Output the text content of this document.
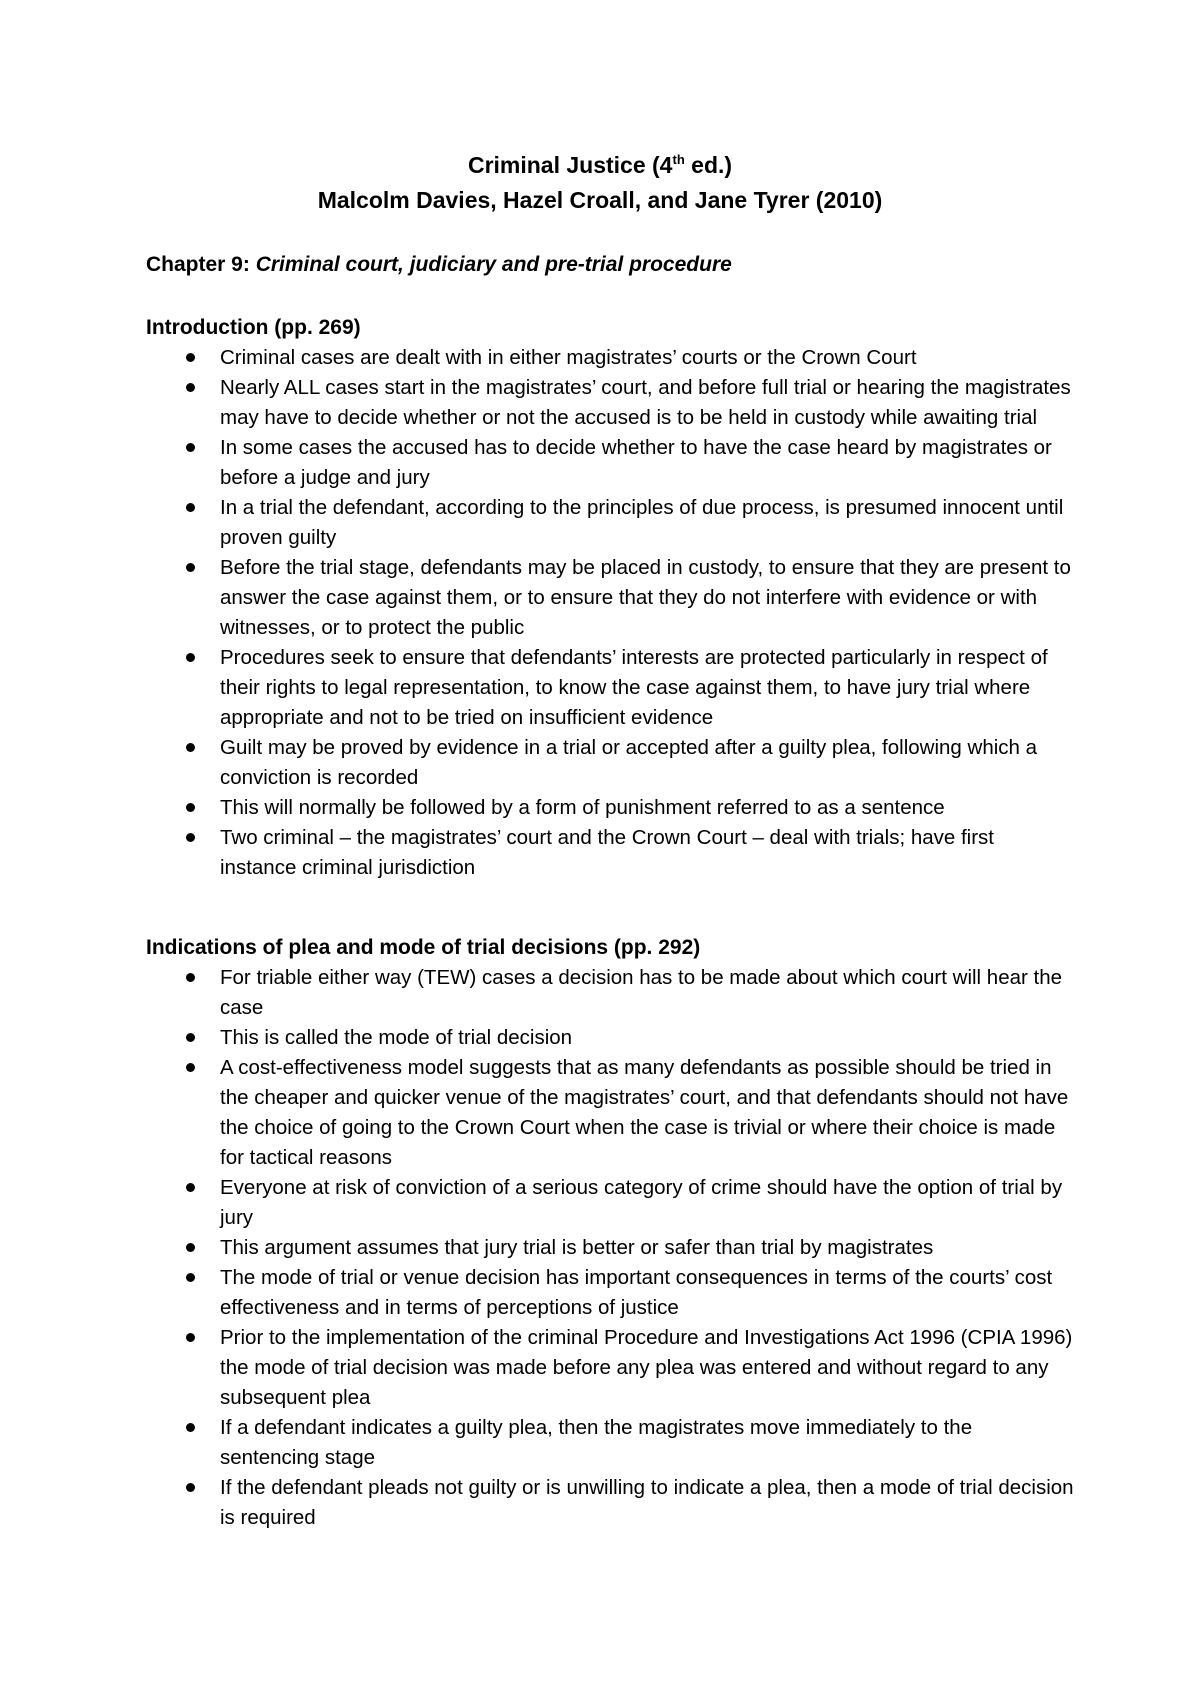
Criminal Justice (4th ed.)
Malcolm Davies, Hazel Croall, and Jane Tyrer (2010)
Chapter 9: Criminal court, judiciary and pre-trial procedure

Introduction (pp. 269)

Criminal cases are dealt with in either magistrates’ courts or the Crown Court
Nearly ALL cases start in the magistrates’ court, and before full trial or hearing the magistrates may have to decide whether or not the accused is to be held in custody while awaiting trial
In some cases the accused has to decide whether to have the case heard by magistrates or before a judge and jury
In a trial the defendant, according to the principles of due process, is presumed innocent until proven guilty
Before the trial stage, defendants may be placed in custody, to ensure that they are present to answer the case against them, or to ensure that they do not interfere with evidence or with witnesses, or to protect the public
Procedures seek to ensure that defendants’ interests are protected particularly in respect of their rights to legal representation, to know the case against them, to have jury trial where appropriate and not to be tried on insufficient evidence
Guilt may be proved by evidence in a trial or accepted after a guilty plea, following which a conviction is recorded
This will normally be followed by a form of punishment referred to as a sentence
Two criminal – the magistrates’ court and the Crown Court – deal with trials; have first instance criminal jurisdiction

Indications of plea and mode of trial decisions (pp. 292)

For triable either way (TEW) cases a decision has to be made about which court will hear the case
This is called the mode of trial decision
A cost-effectiveness model suggests that as many defendants as possible should be tried in the cheaper and quicker venue of the magistrates’ court, and that defendants should not have the choice of going to the Crown Court when the case is trivial or where their choice is made for tactical reasons
Everyone at risk of conviction of a serious category of crime should have the option of trial by jury
This argument assumes that jury trial is better or safer than trial by magistrates
The mode of trial or venue decision has important consequences in terms of the courts’ cost effectiveness and in terms of perceptions of justice
Prior to the implementation of the criminal Procedure and Investigations Act 1996 (CPIA 1996) the mode of trial decision was made before any plea was entered and without regard to any subsequent plea
If a defendant indicates a guilty plea, then the magistrates move immediately to the sentencing stage
If the defendant pleads not guilty or is unwilling to indicate a plea, then a mode of trial decision is required
